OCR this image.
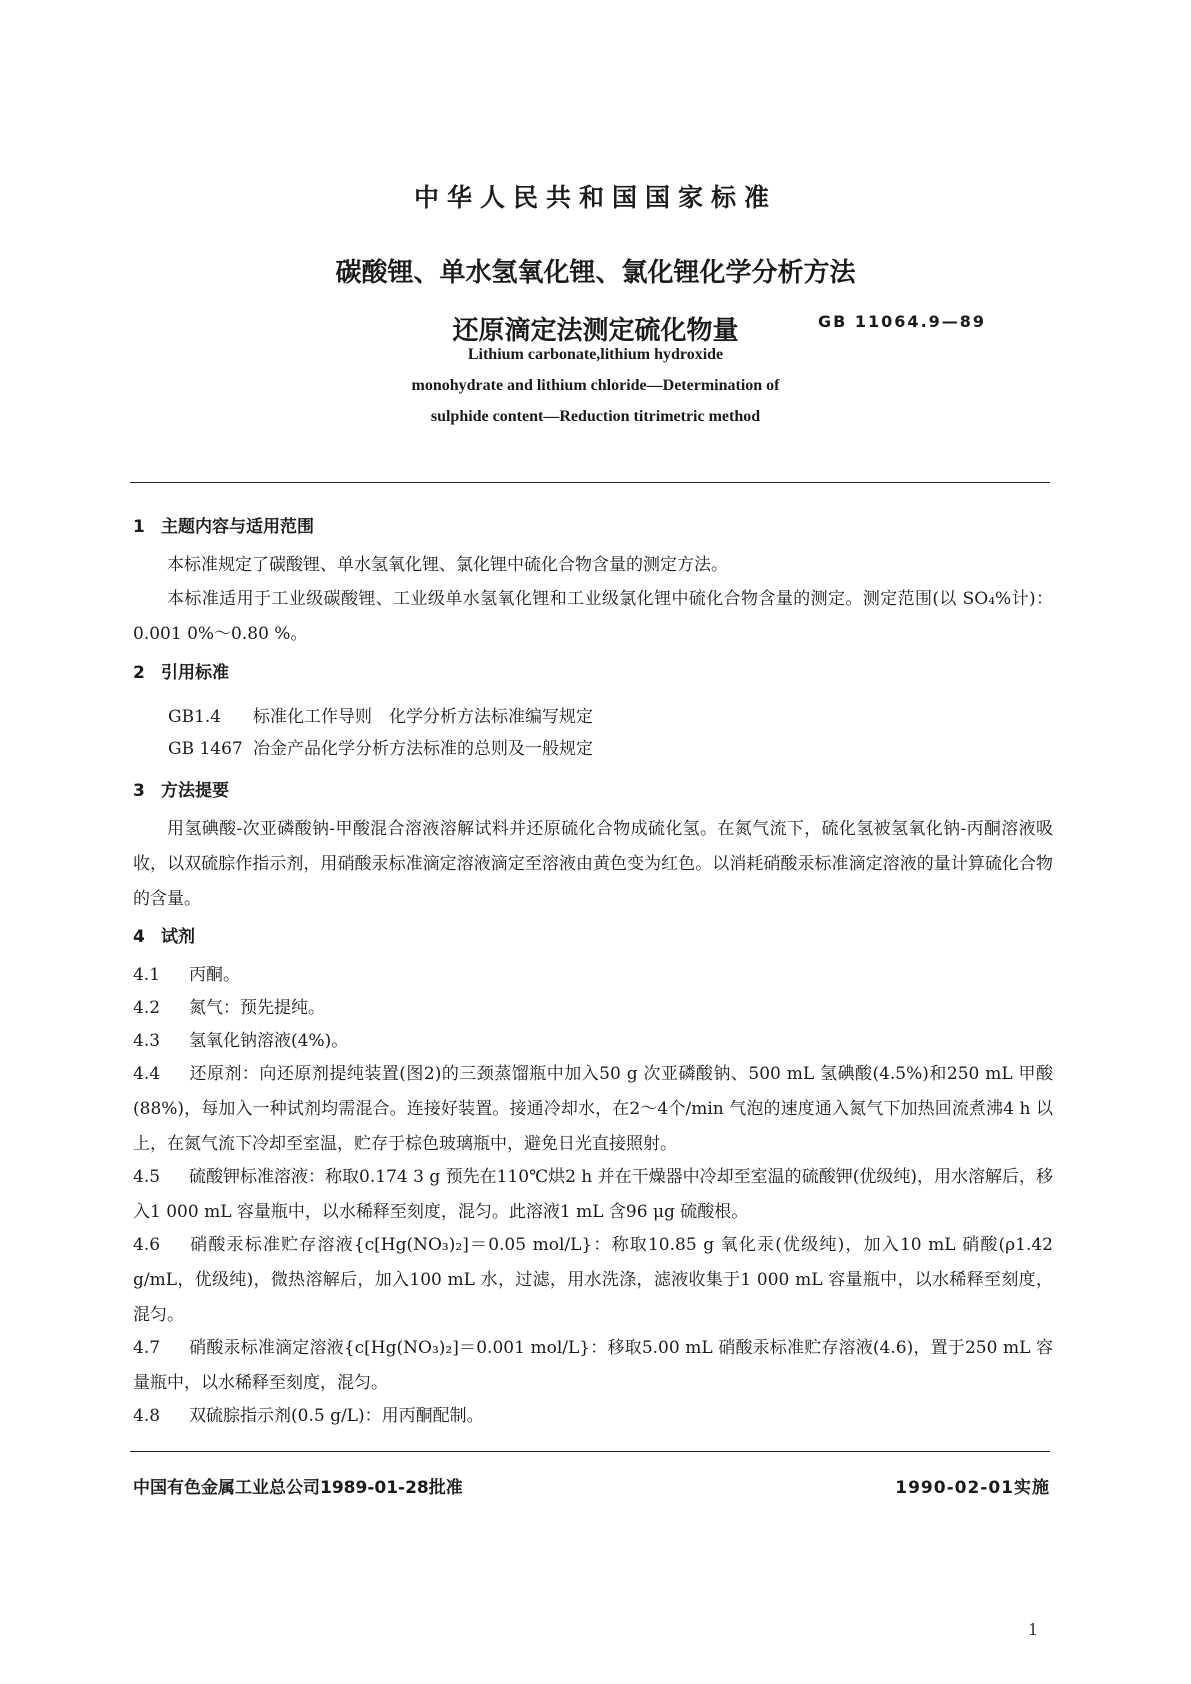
中华人民共和国国家标准
碳酸锂、单水氢氧化锂、氯化锂化学分析方法
还原滴定法测定硫化物量	GB 11064.9—89
Lithium carbonate,lithium hydroxide
monohydrate and lithium chloride—Determination of
sulphide content—Reduction titrimetric method
1 主题内容与适用范围
本标准规定了碳酸锂、单水氢氧化锂、氯化锂中硫化合物含量的测定方法。
本标准适用于工业级碳酸锂、工业级单水氢氧化锂和工业级氯化锂中硫化合物含量的测定。测定范围(以 SO₄%计)：0.001 0%～0.80 %。
2 引用标准
GB1.4 标准化工作导则　化学分析方法标准编写规定
GB 1467 冶金产品化学分析方法标准的总则及一般规定
3 方法提要
用氢碘酸-次亚磷酸钠-甲酸混合溶液溶解试料并还原硫化合物成硫化氢。在氮气流下，硫化氢被氢氧化钠-丙酮溶液吸收，以双硫腙作指示剂，用硝酸汞标准滴定溶液滴定至溶液由黄色变为红色。以消耗硝酸汞标准滴定溶液的量计算硫化合物的含量。
4 试剂
4.1 丙酮。
4.2 氮气：预先提纯。
4.3 氢氧化钠溶液(4%)。
4.4 还原剂：向还原剂提纯装置(图2)的三颈蒸馏瓶中加入50 g 次亚磷酸钠、500 mL 氢碘酸(4.5%)和250 mL 甲酸(88%)，每加入一种试剂均需混合。连接好装置。接通冷却水，在2～4个/min 气泡的速度通入氮气下加热回流煮沸4 h 以上，在氮气流下冷却至室温，贮存于棕色玻璃瓶中，避免日光直接照射。
4.5 硫酸钾标准溶液：称取0.174 3 g 预先在110℃烘2 h 并在干燥器中冷却至室温的硫酸钾(优级纯)，用水溶解后，移入1 000 mL 容量瓶中，以水稀释至刻度，混匀。此溶液1 mL 含96 μg 硫酸根。
4.6 硝酸汞标准贮存溶液{c[Hg(NO₃)₂]＝0.05 mol/L}：称取10.85 g 氧化汞(优级纯)，加入10 mL 硝酸(ρ1.42 g/mL，优级纯)，微热溶解后，加入100 mL 水，过滤，用水洗涤，滤液收集于1 000 mL 容量瓶中，以水稀释至刻度，混匀。
4.7 硝酸汞标准滴定溶液{c[Hg(NO₃)₂]＝0.001 mol/L}：移取5.00 mL 硝酸汞标准贮存溶液(4.6)，置于250 mL 容量瓶中，以水稀释至刻度，混匀。
4.8 双硫腙指示剂(0.5 g/L)：用丙酮配制。
中国有色金属工业总公司1989-01-28批准	1990-02-01实施
1
